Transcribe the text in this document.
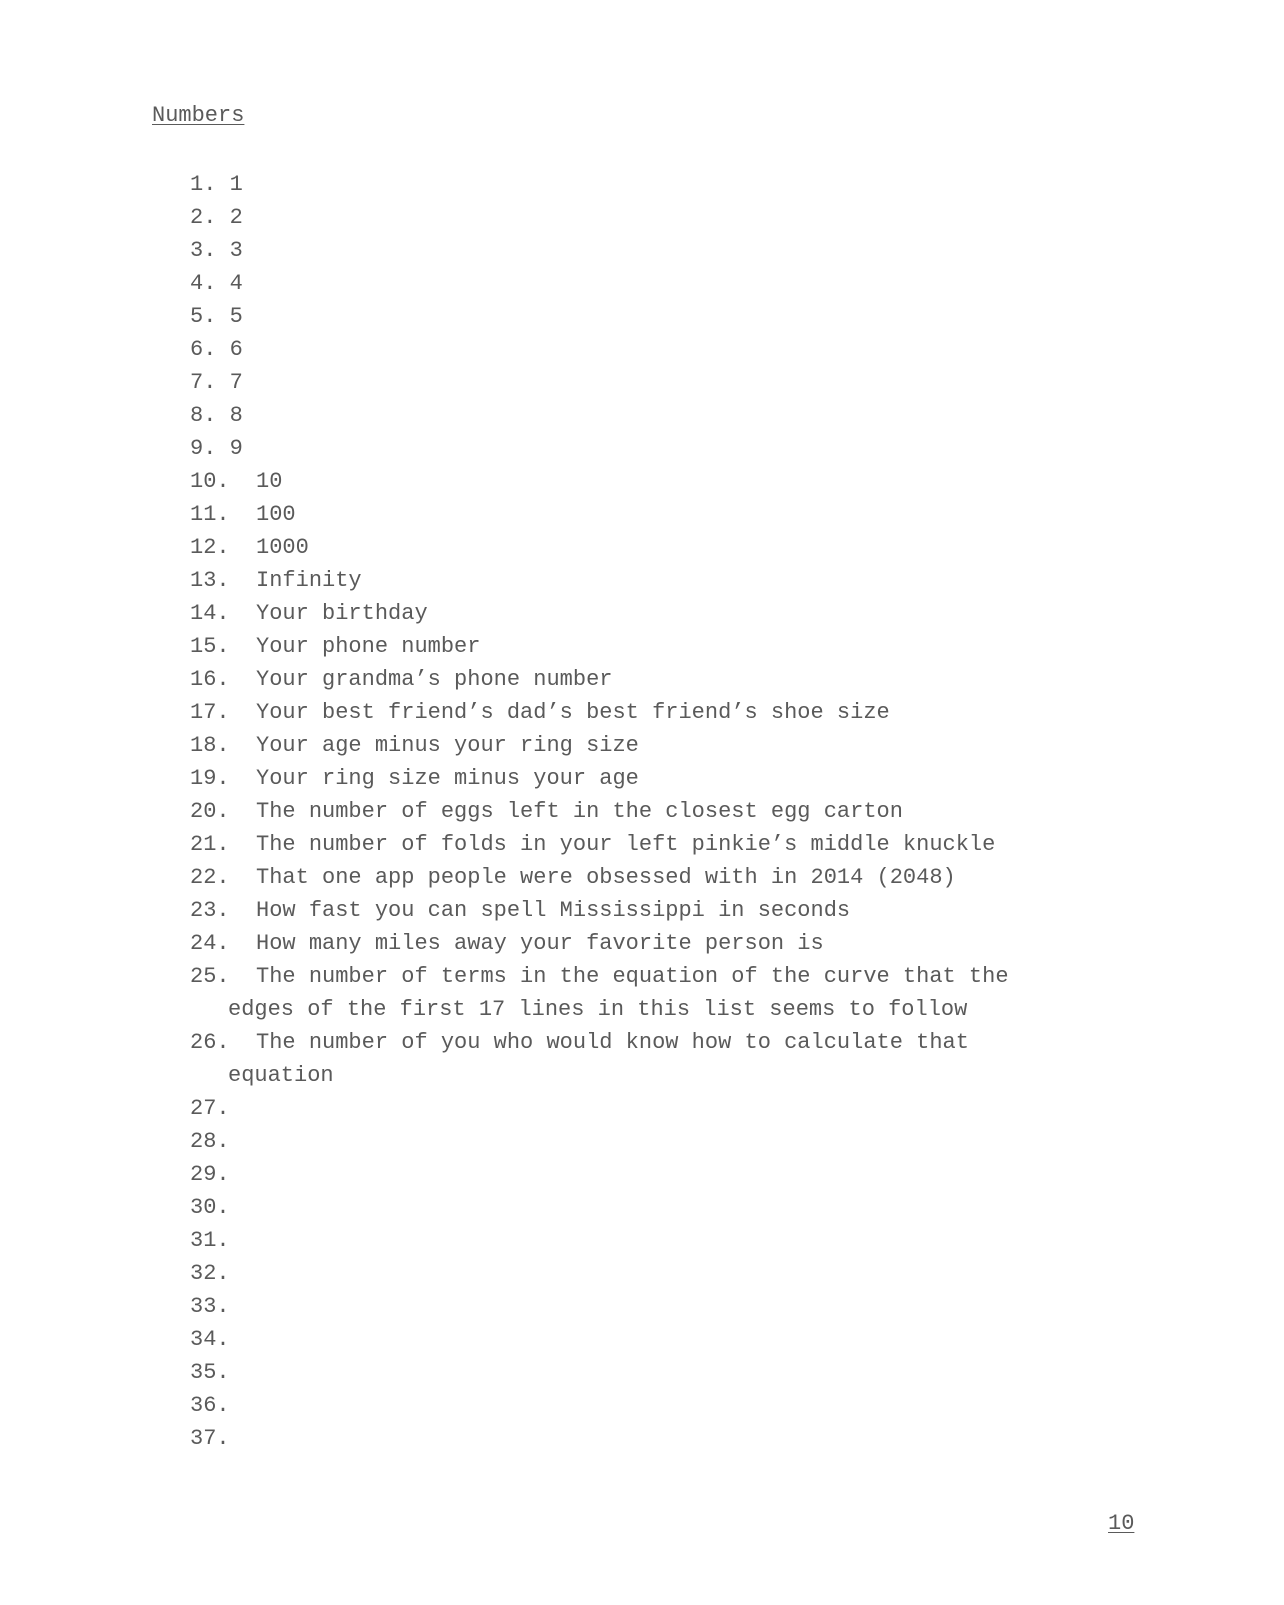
Numbers
1. 1
2. 2
3. 3
4. 4
5. 5
6. 6
7. 7
8. 8
9. 9
10. 10
11. 100
12. 1000
13. Infinity
14. Your birthday
15. Your phone number
16. Your grandma’s phone number
17. Your best friend’s dad’s best friend’s shoe size
18. Your age minus your ring size
19. Your ring size minus your age
20. The number of eggs left in the closest egg carton
21. The number of folds in your left pinkie’s middle knuckle
22. That one app people were obsessed with in 2014 (2048)
23. How fast you can spell Mississippi in seconds
24. How many miles away your favorite person is
25. The number of terms in the equation of the curve that the
edges of the first 17 lines in this list seems to follow
26. The number of you who would know how to calculate that
equation
27.
28.
29.
30.
31.
32.
33.
34.
35.
36.
37.
10
